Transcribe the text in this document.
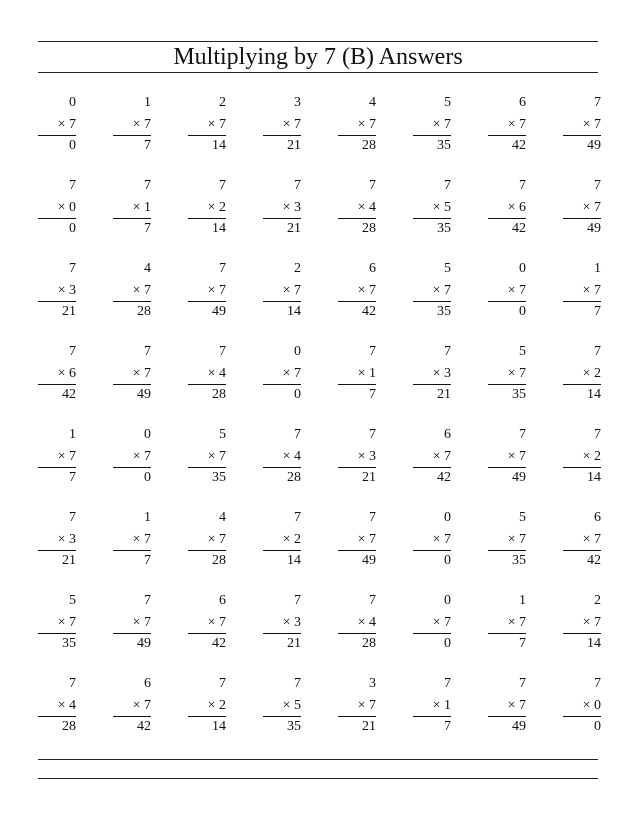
Multiplying by 7 (B) Answers
0
× 7
0
1
× 7
7
2
× 7
14
3
× 7
21
4
× 7
28
5
× 7
35
6
× 7
42
7
× 7
49
7
× 0
0
7
× 1
7
7
× 2
14
7
× 3
21
7
× 4
28
7
× 5
35
7
× 6
42
7
× 7
49
7
× 3
21
4
× 7
28
7
× 7
49
2
× 7
14
6
× 7
42
5
× 7
35
0
× 7
0
1
× 7
7
7
× 6
42
7
× 7
49
7
× 4
28
0
× 7
0
7
× 1
7
7
× 3
21
5
× 7
35
7
× 2
14
1
× 7
7
0
× 7
0
5
× 7
35
7
× 4
28
7
× 3
21
6
× 7
42
7
× 7
49
7
× 2
14
7
× 3
21
1
× 7
7
4
× 7
28
7
× 2
14
7
× 7
49
0
× 7
0
5
× 7
35
6
× 7
42
5
× 7
35
7
× 7
49
6
× 7
42
7
× 3
21
7
× 4
28
0
× 7
0
1
× 7
7
2
× 7
14
7
× 4
28
6
× 7
42
7
× 2
14
7
× 5
35
3
× 7
21
7
× 1
7
7
× 7
49
7
× 0
0
